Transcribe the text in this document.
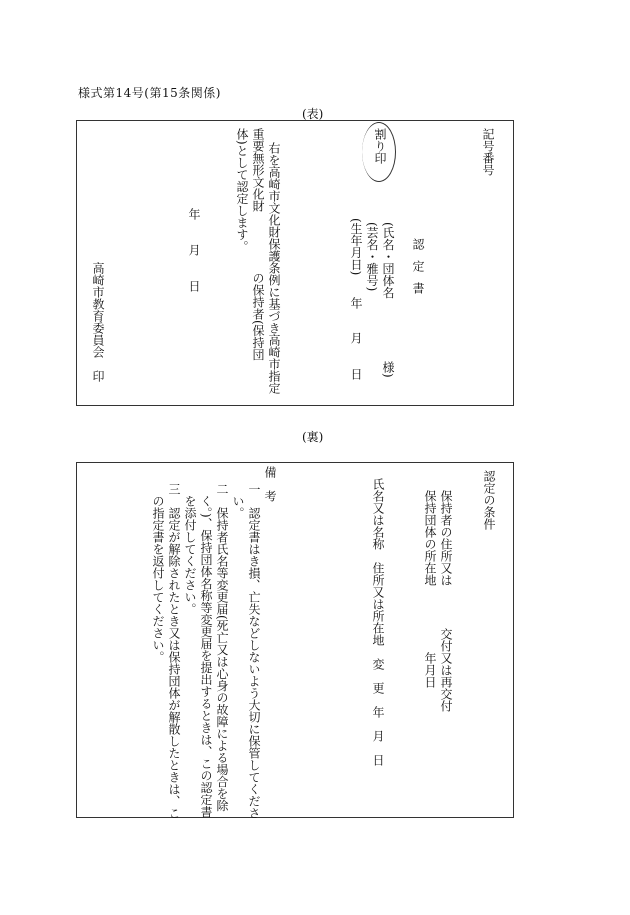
様式第14号(第15条関係)
(表)
記号番号
認定書
割り印
(氏名・団体名
(芸名・雅号)
(生年月日)
様)
年
月
日
右を高崎市文化財保護条例に基づき高崎市指定
重要無形文化財　　　　　の保持者(保持団
体)として認定します。
年
月
日
高崎市教育委員会
印
(裏)
認定の条件
保持者の住所又は
保持団体の所在地
交付又は再交付
年月日
氏名又は名称　住所又は所在地　変　更　年　月　日
備　考
一　認定書はき損、亡失などしないよう大切に保管してくださ
　い。
二　保持者氏名等変更届(死亡又は心身の故障による場合を除
　く。)、保持団体名称等変更届を提出するときは、この認定書
　を添付してください。
三　認定が解除されたとき又は保持団体が解散したときは、こ
　の指定書を返付してください。
